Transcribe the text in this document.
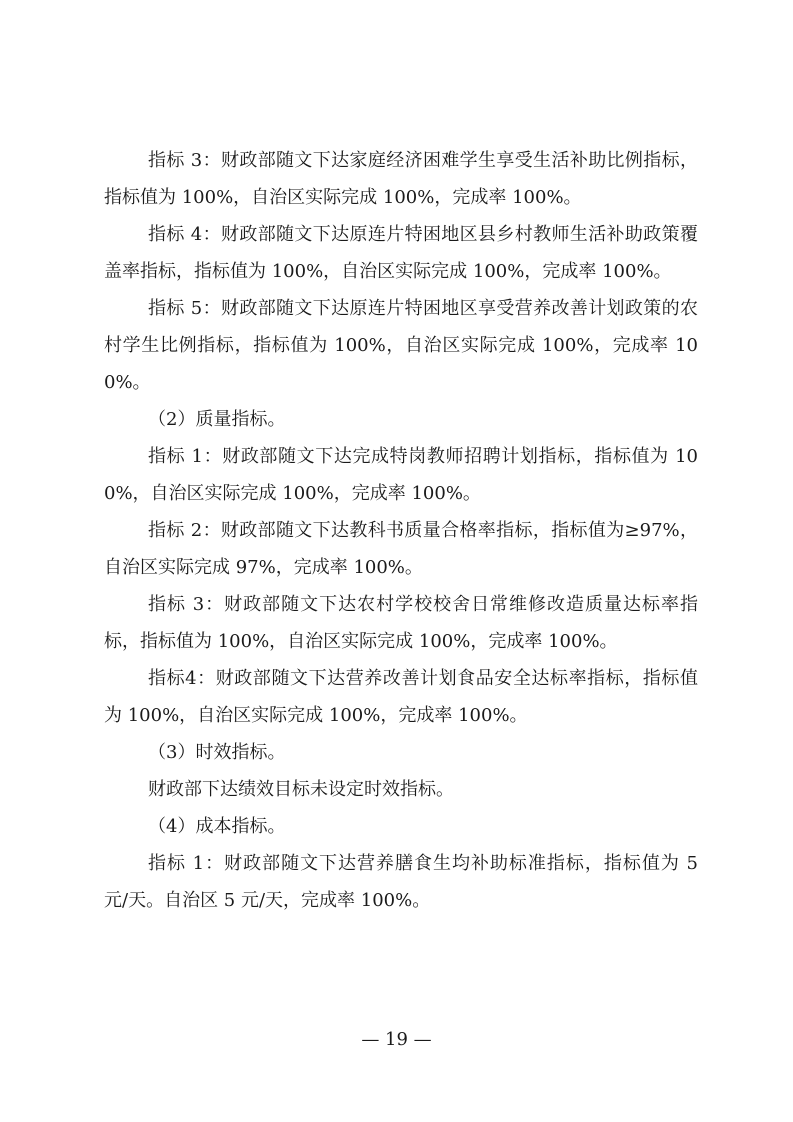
指标 3：财政部随文下达家庭经济困难学生享受生活补助比例指标，指标值为 100%，自治区实际完成 100%，完成率 100%。

指标 4：财政部随文下达原连片特困地区县乡村教师生活补助政策覆盖率指标，指标值为 100%，自治区实际完成 100%，完成率 100%。

指标 5：财政部随文下达原连片特困地区享受营养改善计划政策的农村学生比例指标，指标值为 100%，自治区实际完成 100%，完成率 100%。

（2）质量指标。

指标 1：财政部随文下达完成特岗教师招聘计划指标，指标值为 100%，自治区实际完成 100%，完成率 100%。

指标 2：财政部随文下达教科书质量合格率指标，指标值为≥97%，自治区实际完成 97%，完成率 100%。

指标 3：财政部随文下达农村学校校舍日常维修改造质量达标率指标，指标值为 100%，自治区实际完成 100%，完成率 100%。

指标4：财政部随文下达营养改善计划食品安全达标率指标，指标值为 100%，自治区实际完成 100%，完成率 100%。

（3）时效指标。

财政部下达绩效目标未设定时效指标。

（4）成本指标。

指标 1：财政部随文下达营养膳食生均补助标准指标，指标值为 5 元/天。自治区 5 元/天，完成率 100%。

— 19 —
